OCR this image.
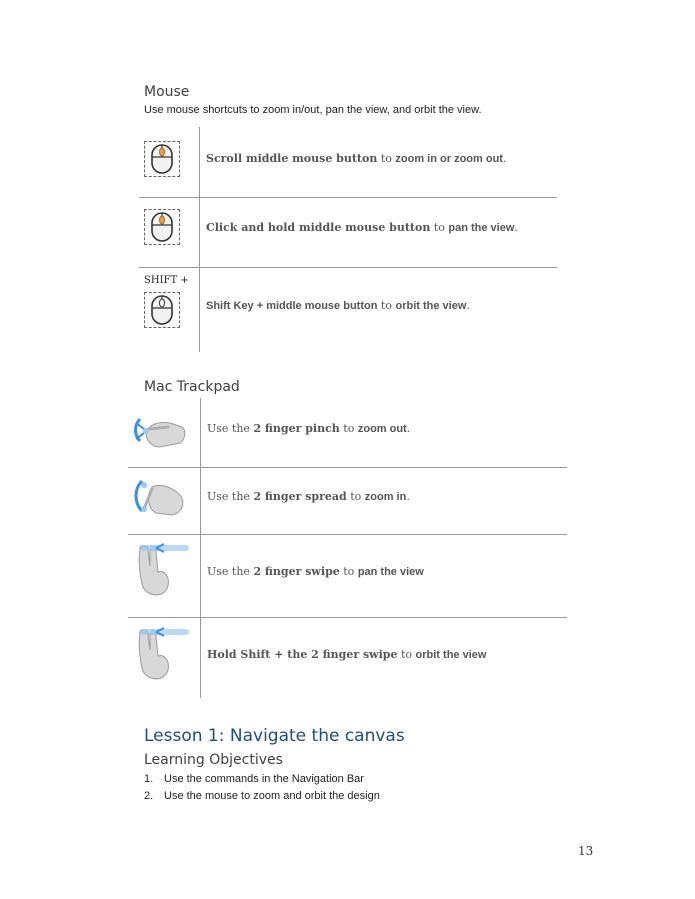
Mouse
Use mouse shortcuts to zoom in/out, pan the view, and orbit the view.
Scroll middle mouse button to zoom in or zoom out.
Click and hold middle mouse button to pan the view.
SHIFT +
Shift Key + middle mouse button to orbit the view.
Mac Trackpad
Use the 2 finger pinch to zoom out.
Use the 2 finger spread to zoom in.
Use the 2 finger swipe to pan the view
Hold Shift + the 2 finger swipe to orbit the view
Lesson 1: Navigate the canvas
Learning Objectives
1. Use the commands in the Navigation Bar
2. Use the mouse to zoom and orbit the design
13
